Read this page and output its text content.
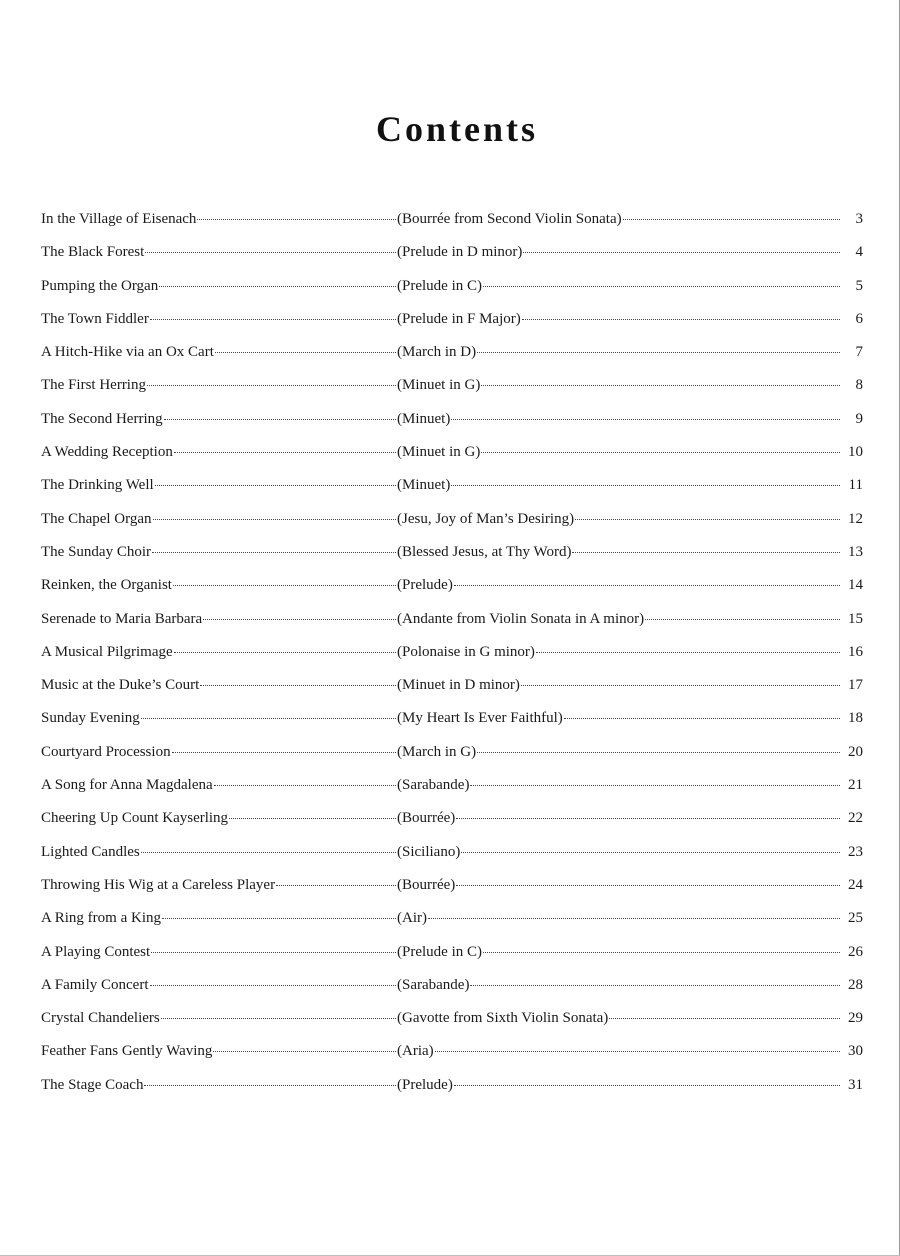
Contents
In the Village of Eisenach	(Bourrée from Second Violin Sonata)	3
The Black Forest	(Prelude in D minor)	4
Pumping the Organ	(Prelude in C)	5
The Town Fiddler	(Prelude in F Major)	6
A Hitch-Hike via an Ox Cart	(March in D)	7
The First Herring	(Minuet in G)	8
The Second Herring	(Minuet)	9
A Wedding Reception	(Minuet in G)	10
The Drinking Well	(Minuet)	11
The Chapel Organ	(Jesu, Joy of Man’s Desiring)	12
The Sunday Choir	(Blessed Jesus, at Thy Word)	13
Reinken, the Organist	(Prelude)	14
Serenade to Maria Barbara	(Andante from Violin Sonata in A minor)	15
A Musical Pilgrimage	(Polonaise in G minor)	16
Music at the Duke’s Court	(Minuet in D minor)	17
Sunday Evening	(My Heart Is Ever Faithful)	18
Courtyard Procession	(March in G)	20
A Song for Anna Magdalena	(Sarabande)	21
Cheering Up Count Kayserling	(Bourrée)	22
Lighted Candles	(Siciliano)	23
Throwing His Wig at a Careless Player	(Bourrée)	24
A Ring from a King	(Air)	25
A Playing Contest	(Prelude in C)	26
A Family Concert	(Sarabande)	28
Crystal Chandeliers	(Gavotte from Sixth Violin Sonata)	29
Feather Fans Gently Waving	(Aria)	30
The Stage Coach	(Prelude)	31
